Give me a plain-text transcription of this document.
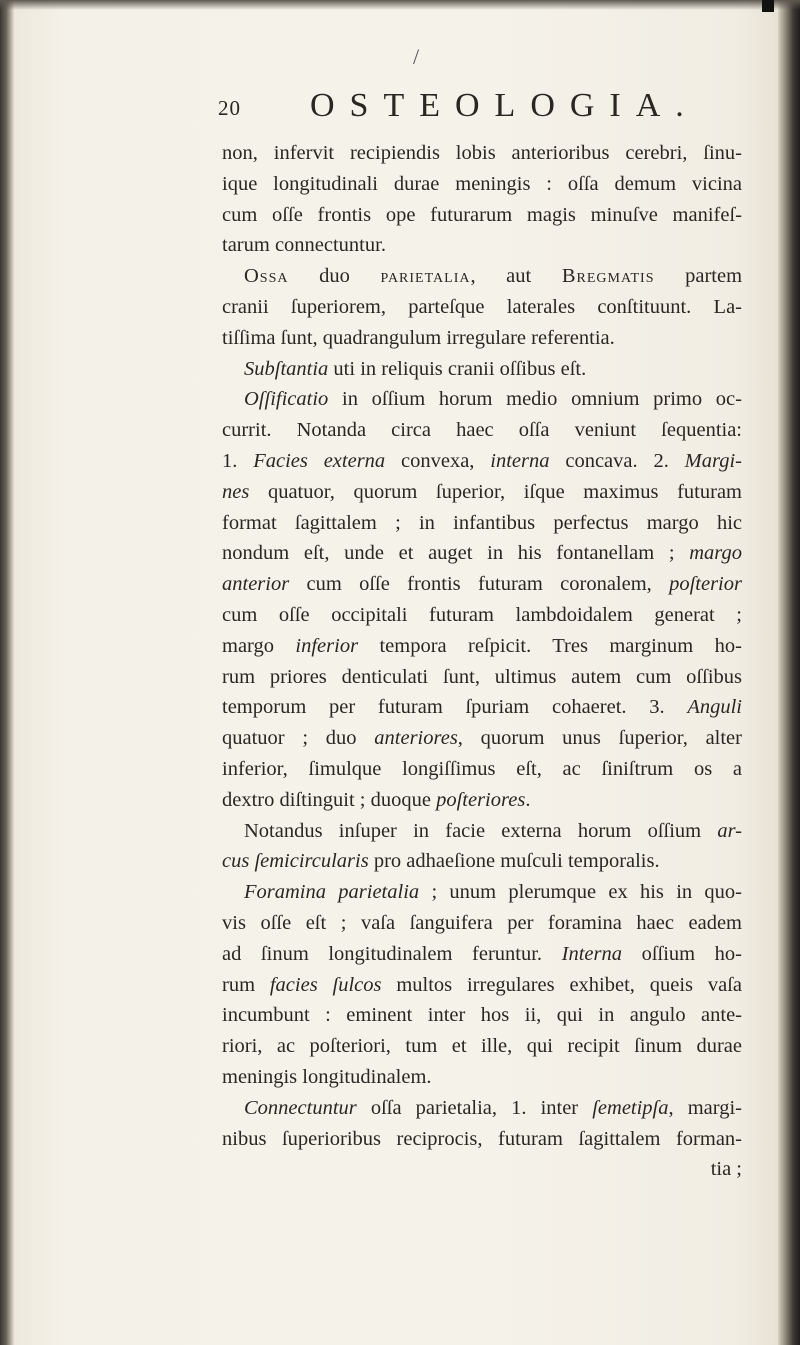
/
20 OSTEOLOGIA.
non, infervit recipiendis lobis anterioribus cerebri, ſinu-
ique longitudinali durae meningis : oſſa demum vicina
cum oſſe frontis ope futurarum magis minuſve manifeſ-
tarum connectuntur.
Ossa duo parietalia, aut Bregmatis partem
cranii ſuperiorem, parteſque laterales conſtituunt. La-
tiſſima ſunt, quadrangulum irregulare referentia.
Subſtantia uti in reliquis cranii oſſibus eſt.
Oſſificatio in oſſium horum medio omnium primo oc-
currit. Notanda circa haec oſſa veniunt ſequentia:
1. Facies externa convexa, interna concava. 2. Margi-
nes quatuor, quorum ſuperior, iſque maximus futuram
format ſagittalem ; in infantibus perfectus margo hic
nondum eſt, unde et auget in his fontanellam ; margo
anterior cum oſſe frontis futuram coronalem, poſterior
cum oſſe occipitali futuram lambdoidalem generat ;
margo inferior tempora reſpicit. Tres marginum ho-
rum priores denticulati ſunt, ultimus autem cum oſſibus
temporum per futuram ſpuriam cohaeret. 3. Anguli
quatuor ; duo anteriores, quorum unus ſuperior, alter
inferior, ſimulque longiſſimus eſt, ac ſiniſtrum os a
dextro diſtinguit ; duoque poſteriores.
Notandus inſuper in facie externa horum oſſium ar-
cus ſemicircularis pro adhaeſione muſculi temporalis.
Foramina parietalia ; unum plerumque ex his in quo-
vis oſſe eſt ; vaſa ſanguifera per foramina haec eadem
ad ſinum longitudinalem feruntur. Interna oſſium ho-
rum facies ſulcos multos irregulares exhibet, queis vaſa
incumbunt : eminent inter hos ii, qui in angulo ante-
riori, ac poſteriori, tum et ille, qui recipit ſinum durae
meningis longitudinalem.
Connectuntur oſſa parietalia, 1. inter ſemetipſa, margi-
nibus ſuperioribus reciprocis, futuram ſagittalem forman-
tia ;
